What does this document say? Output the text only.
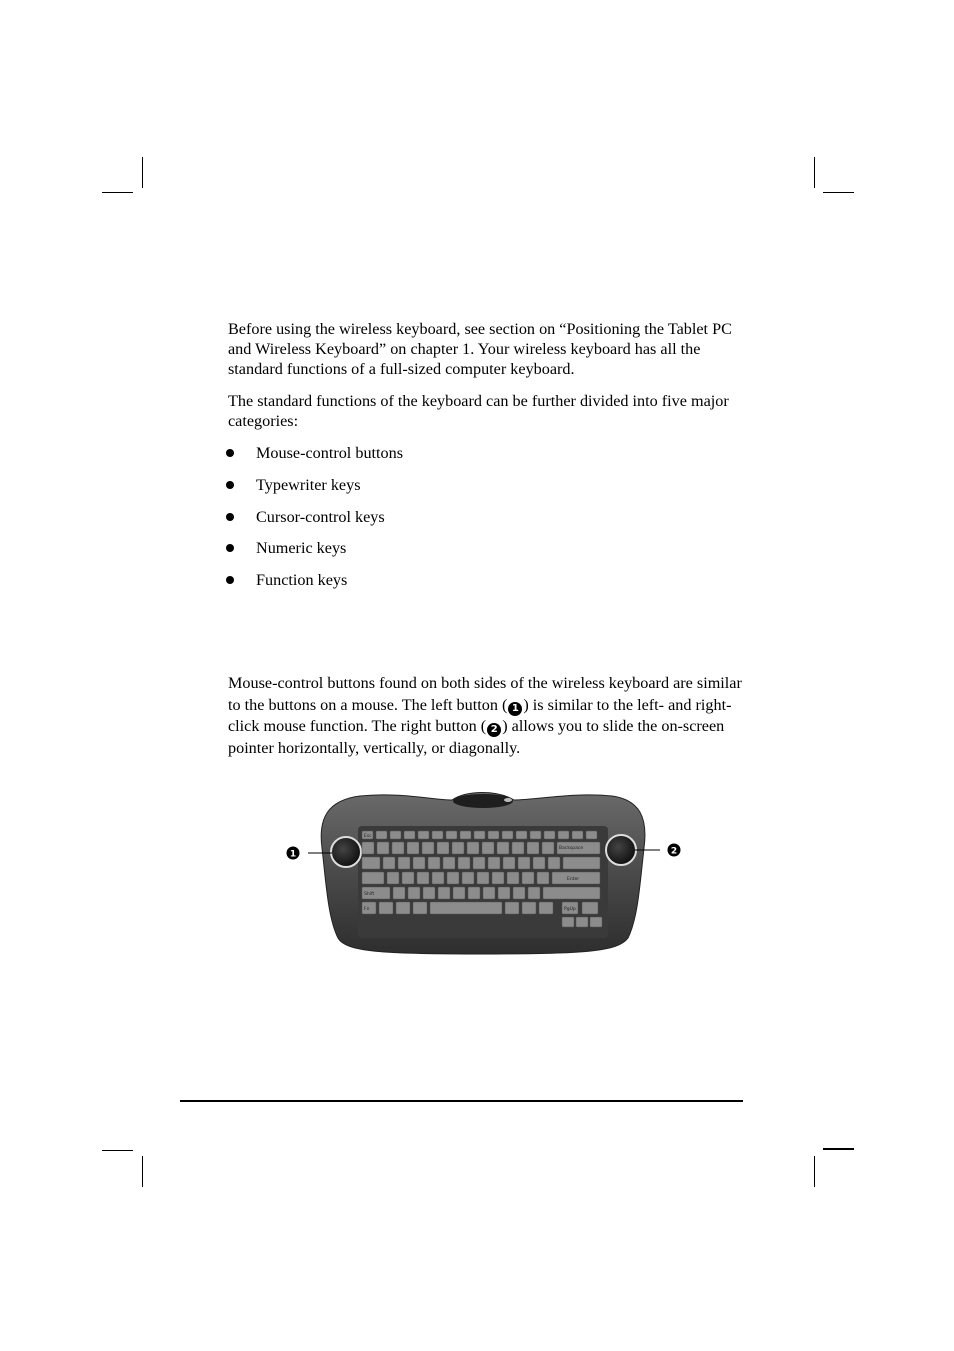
Before using the wireless keyboard, see section on “Positioning the Tablet PC and Wireless Keyboard” on chapter 1. Your wireless keyboard has all the standard functions of a full-sized computer keyboard.
The standard functions of the keyboard can be further divided into five major categories:
Mouse-control buttons
Typewriter keys
Cursor-control keys
Numeric keys
Function keys
Mouse-control buttons found on both sides of the wireless keyboard are similar to the buttons on a mouse. The left button ( 1 ) is similar to the left- and right-click mouse function. The right button ( 2 ) allows you to slide the on-screen pointer horizontally, vertically, or diagonally.
1	2
Esc
Backspace
Enter
Shift
Fn	PgUp
